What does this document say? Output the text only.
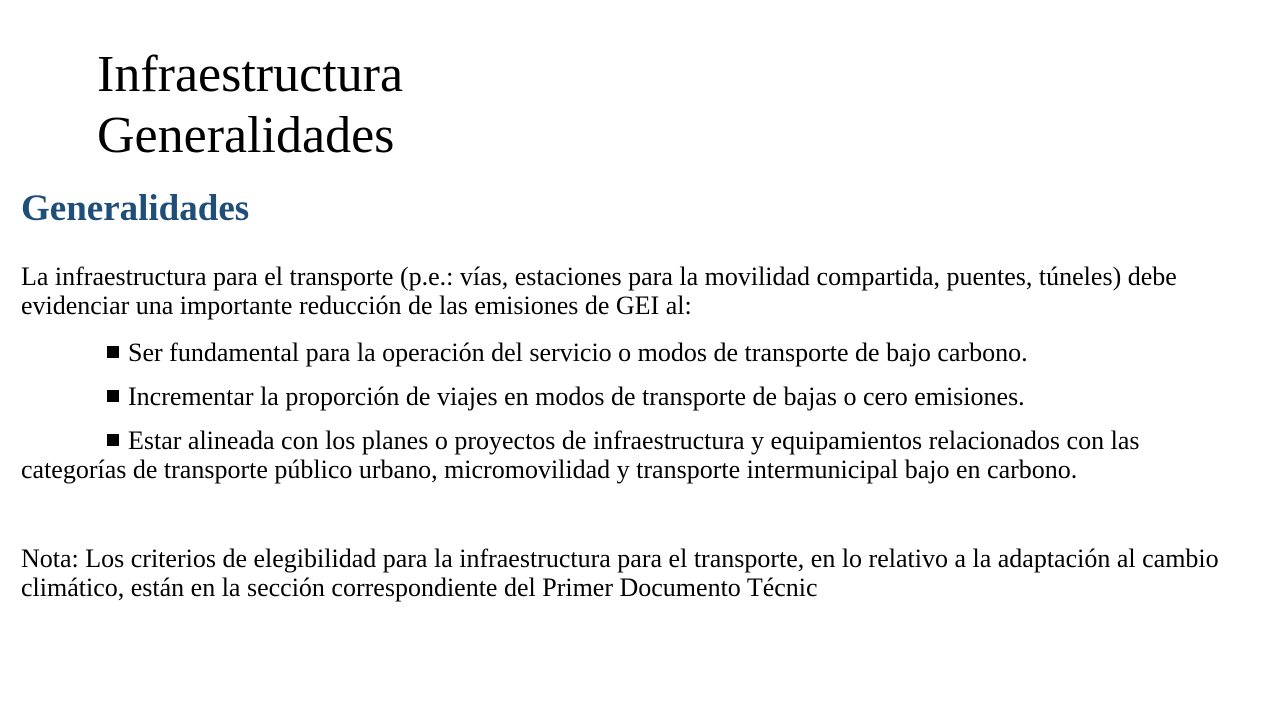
Infraestructura
Generalidades
Generalidades

La infraestructura para el transporte (p.e.: vías, estaciones para la movilidad compartida, puentes, túneles) debe evidenciar una importante reducción de las emisiones de GEI al:

Ser fundamental para la operación del servicio o modos de transporte de bajo carbono.
Incrementar la proporción de viajes en modos de transporte de bajas o cero emisiones.
Estar alineada con los planes o proyectos de infraestructura y equipamientos relacionados con las categorías de transporte público urbano, micromovilidad y transporte intermunicipal bajo en carbono.

Nota: Los criterios de elegibilidad para la infraestructura para el transporte, en lo relativo a la adaptación al cambio climático, están en la sección correspondiente del Primer Documento Técnic
